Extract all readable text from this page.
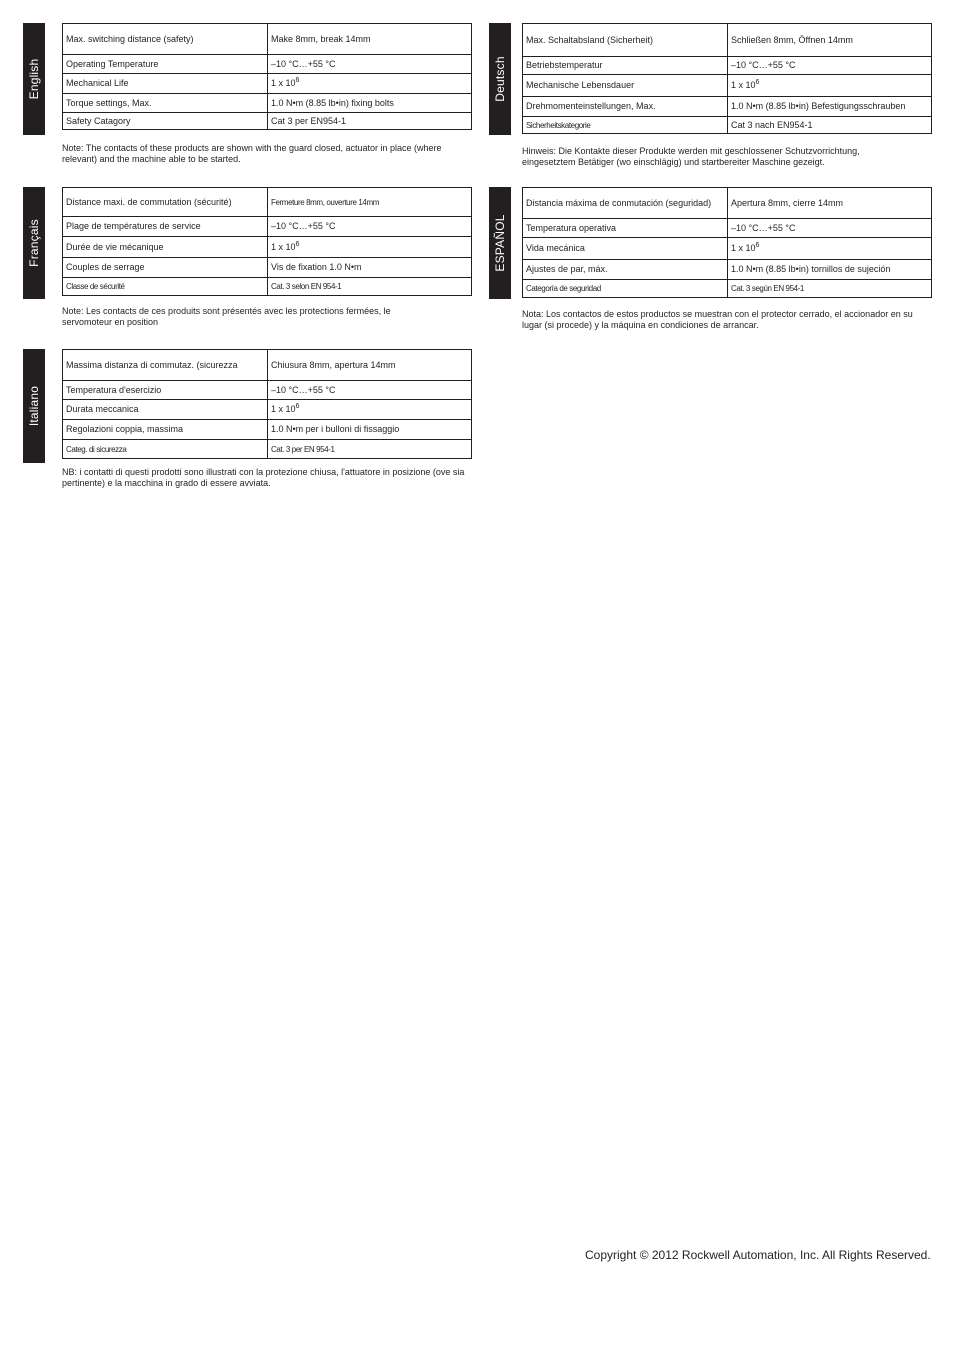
English
Max. switching distance (safety)	Make 8mm, break 14mm
Operating Temperature	–10 °C…+55 °C
Mechanical Life	1 x $10^6$
Torque settings, Max.	1.0 N•m (8.85 lb•in) fixing bolts
Safety Catagory	Cat 3 per EN954-1
Note: The contacts of these products are shown with the guard closed, actuator in place (where relevant) and the machine able to be started.
Deutsch
Max. Schaltabsland (Sicherheit)	Schließen 8mm, Öffnen 14mm
Betriebstemperatur	–10 °C…+55 °C
Mechanische Lebensdauer	1 x $10^6$
Drehmomenteinstellungen, Max.	1.0 N•m (8.85 lb•in) Befestigungsschrauben
Sicherheitskategorie	Cat 3 nach EN954-1
Hinweis: Die Kontakte dieser Produkte werden mit geschlossener Schutzvorrichtung, eingesetztem Betätiger (wo einschlägig) und startbereiter Maschine gezeigt.
Français
Distance maxi. de commutation (sécurité)	Fermeture 8mm, ouverture 14mm
Plage de températures de service	–10 °C…+55 °C
Durée de vie mécanique	1 x $10^6$
Couples de serrage	Vis de fixation 1.0 N•m
Classe de sécurité	Cat. 3 selon EN 954-1
Note: Les contacts de ces produits sont présentés avec les protections fermées, le servomoteur en position
ESPAÑOL
Distancia máxima de conmutación (seguridad)	Apertura 8mm, cierre 14mm
Temperatura operativa	–10 °C…+55 °C
Vida mecánica	1 x $10^6$
Ajustes de par, máx.	1.0 N•m (8.85 lb•in) tornillos de sujeción
Categoría de seguridad	Cat. 3 según EN 954-1
Nota: Los contactos de estos productos se muestran con el protector cerrado, el accionador en su lugar (si procede) y la máquina en condiciones de arrancar.
Italiano
Massima distanza di commutaz. (sicurezza	Chiusura 8mm, apertura 14mm
Temperatura d'esercizio	–10 °C…+55 °C
Durata meccanica	1 x $10^6$
Regolazioni coppia, massima	1.0 N•m per i bulloni di fissaggio
Categ. di sicurezza	Cat. 3 per EN 954-1
NB: i contatti di questi prodotti sono illustrati con la protezione chiusa, l'attuatore in posizione (ove sia pertinente) e la macchina in grado di essere avviata.
Copyright © 2012 Rockwell Automation, Inc. All Rights Reserved.
